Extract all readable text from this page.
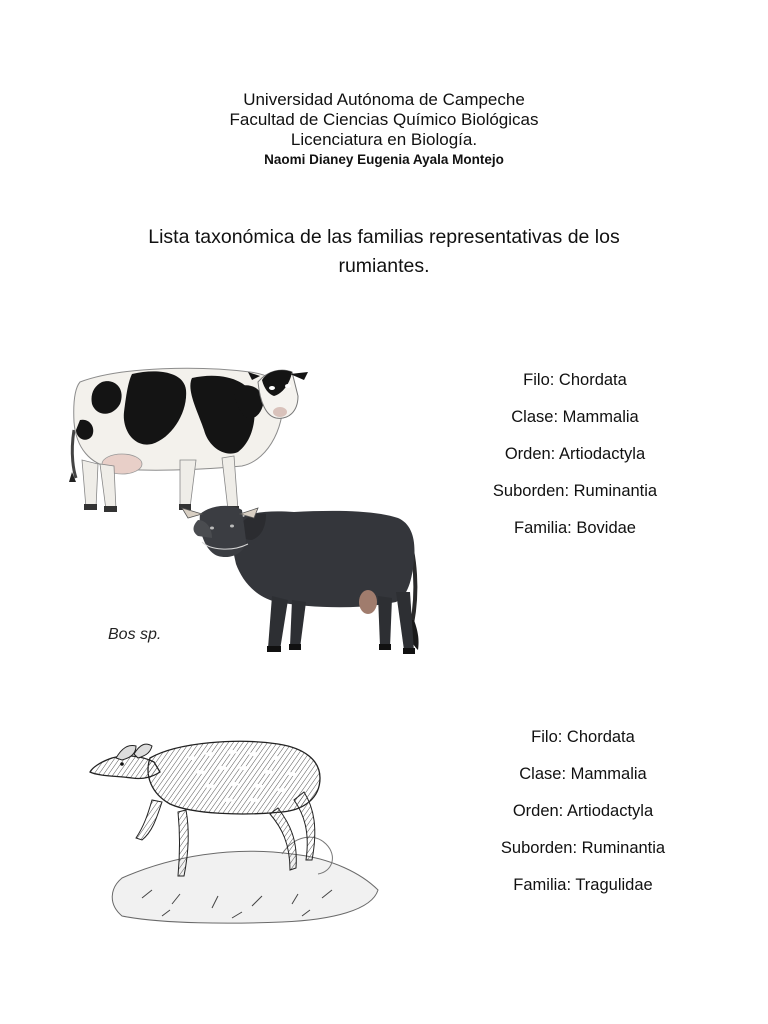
Universidad Autónoma de Campeche
Facultad de Ciencias Químico Biológicas
Licenciatura en Biología.
Naomi Dianey Eugenia Ayala Montejo
Lista taxonómica de las familias representativas de los rumiantes.
Bos sp.
Filo: Chordata
Clase: Mammalia
Orden: Artiodactyla
Suborden: Ruminantia
Familia: Bovidae
Filo: Chordata
Clase: Mammalia
Orden: Artiodactyla
Suborden: Ruminantia
Familia: Tragulidae
